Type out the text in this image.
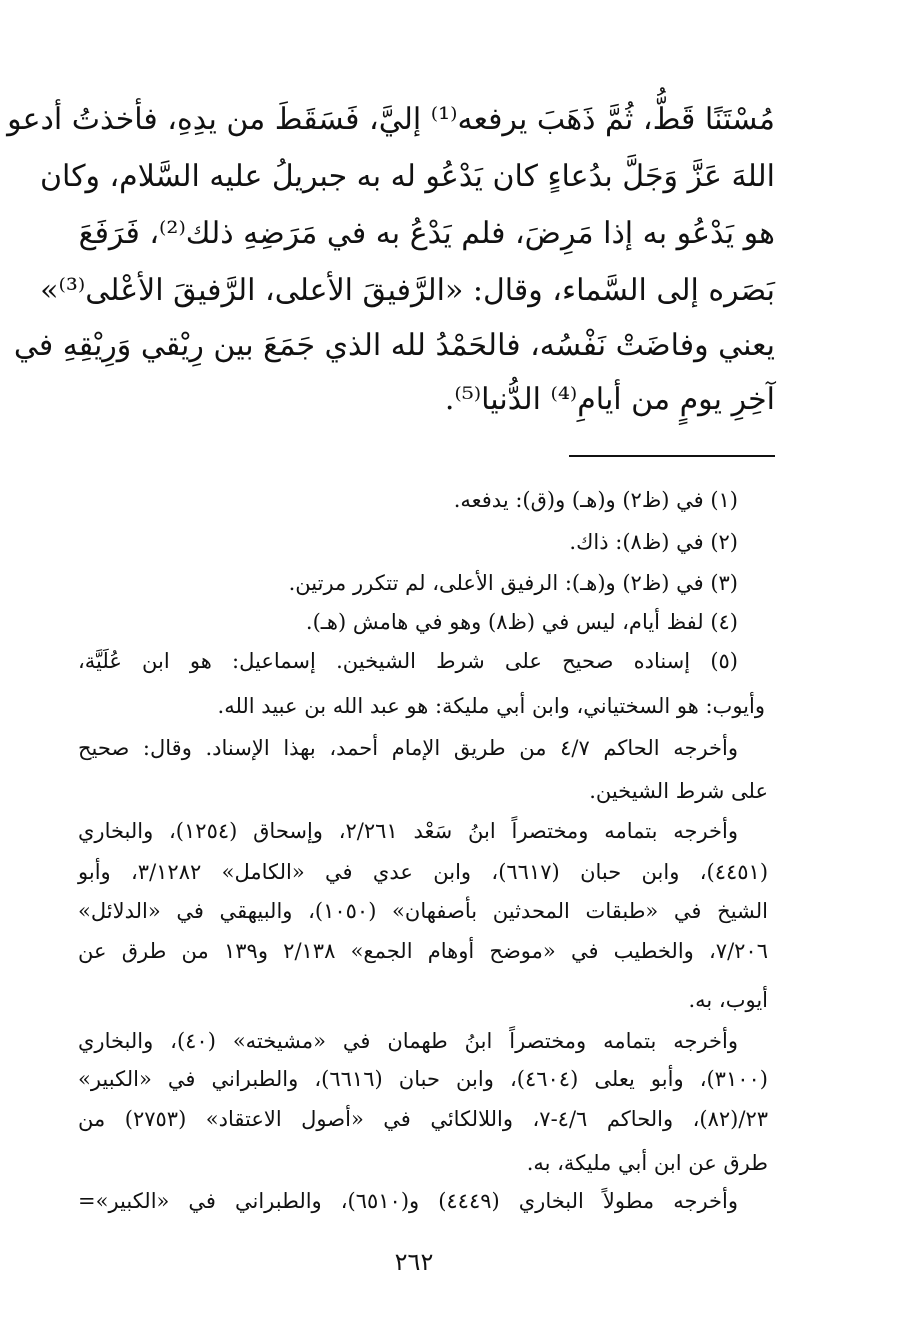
مُسْتَنًا قَطُّ، ثُمَّ ذَهَبَ يرفعه⁽¹⁾ إليَّ، فَسَقَطَ من يدِهِ، فأخذتُ أدعو
اللهَ عَزَّ وَجَلَّ بدُعاءٍ كان يَدْعُو له به جبريلُ عليه السَّلام، وكان
هو يَدْعُو به إذا مَرِضَ، فلم يَدْعُ به في مَرَضِهِ ذلك⁽²⁾، فَرَفَعَ
بَصَره إلى السَّماء، وقال: «الرَّفيقَ الأعلى، الرَّفيقَ الأعْلى⁽³⁾»
يعني وفاضَتْ نَفْسُه، فالحَمْدُ لله الذي جَمَعَ بين رِيْقي وَرِيْقِهِ في
آخِرِ يومٍ من أيامِ⁽⁴⁾ الدُّنيا⁽⁵⁾.
(١) في (ظ٢) و(هـ) و(ق): يدفعه.
(٢) في (ظ٨): ذاك.
(٣) في (ظ٢) و(هـ): الرفيق الأعلى، لم تتكرر مرتين.
(٤) لفظ أيام، ليس في (ظ٨) وهو في هامش (هـ).
(٥) إسناده صحيح على شرط الشيخين. إسماعيل: هو ابن عُلَيَّة،
وأيوب: هو السختياني، وابن أبي مليكة: هو عبد الله بن عبيد الله.
وأخرجه الحاكم ٤/٧ من طريق الإمام أحمد، بهذا الإسناد. وقال: صحيح
على شرط الشيخين.
وأخرجه بتمامه ومختصراً ابنُ سَعْد ٢/٢٦١، وإسحاق (١٢٥٤)، والبخاري
(٤٤٥١)، وابن حبان (٦٦١٧)، وابن عدي في «الكامل» ٣/١٢٨٢، وأبو
الشيخ في «طبقات المحدثين بأصفهان» (١٠٥٠)، والبيهقي في «الدلائل»
٧/٢٠٦، والخطيب في «موضح أوهام الجمع» ٢/١٣٨ و١٣٩ من طرق عن
أيوب، به.
وأخرجه بتمامه ومختصراً ابنُ طهمان في «مشيخته» (٤٠)، والبخاري
(٣١٠٠)، وأبو يعلى (٤٦٠٤)، وابن حبان (٦٦١٦)، والطبراني في «الكبير»
٢٣/(٨٢)، والحاكم ٤/٦-٧، واللالكائي في «أصول الاعتقاد» (٢٧٥٣) من
طرق عن ابن أبي مليكة، به.
وأخرجه مطولاً البخاري (٤٤٤٩) و(٦٥١٠)، والطبراني في «الكبير»=
٢٦٢
